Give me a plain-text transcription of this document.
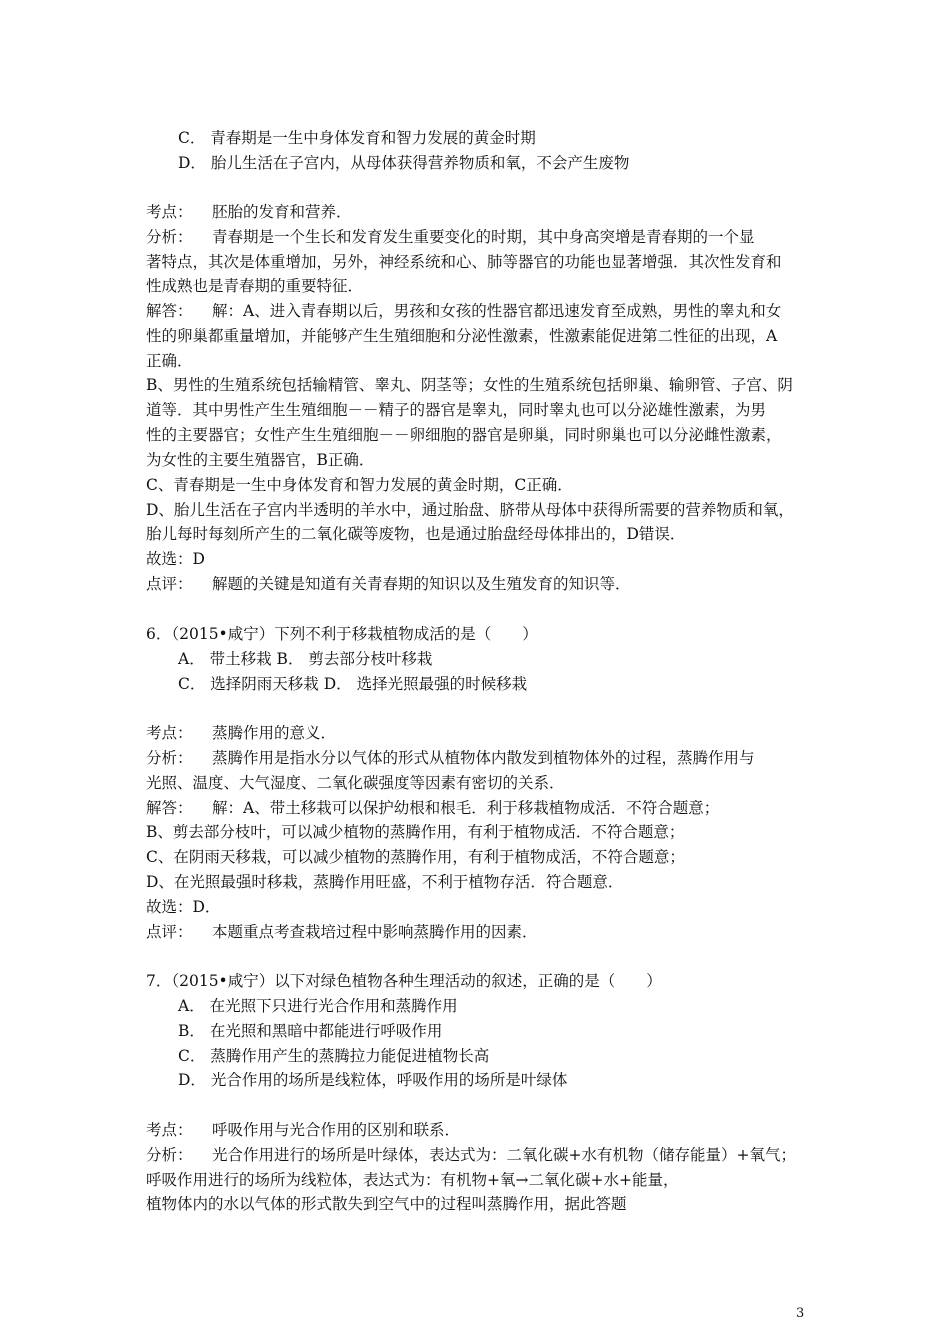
C． 青春期是一生中身体发育和智力发展的黄金时期
D． 胎儿生活在子宫内，从母体获得营养物质和氧，不会产生废物
考点： 胚胎的发育和营养．
分析： 青春期是一个生长和发育发生重要变化的时期，其中身高突增是青春期的一个显
著特点，其次是体重增加，另外，神经系统和心、肺等器官的功能也显著增强．其次性发育和
性成熟也是青春期的重要特征．
解答： 解：A、进入青春期以后，男孩和女孩的性器官都迅速发育至成熟，男性的睾丸和女
性的卵巢都重量增加，并能够产生生殖细胞和分泌性激素，性激素能促进第二性征的出现，A
正确．
B、男性的生殖系统包括输精管、睾丸、阴茎等；女性的生殖系统包括卵巢、输卵管、子宫、阴
道等．其中男性产生生殖细胞－－精子的器官是睾丸，同时睾丸也可以分泌雄性激素，为男
性的主要器官；女性产生生殖细胞－－卵细胞的器官是卵巢，同时卵巢也可以分泌雌性激素，
为女性的主要生殖器官，B正确．
C、青春期是一生中身体发育和智力发展的黄金时期，C正确．
D、胎儿生活在子宫内半透明的羊水中，通过胎盘、脐带从母体中获得所需要的营养物质和氧，
胎儿每时每刻所产生的二氧化碳等废物，也是通过胎盘经母体排出的，D错误．
故选：D
点评： 解题的关键是知道有关青春期的知识以及生殖发育的知识等．
6．（2015•咸宁）下列不利于移栽植物成活的是（　　）
A． 带土移栽 B． 剪去部分枝叶移栽
C． 选择阴雨天移栽 D． 选择光照最强的时候移栽
考点： 蒸腾作用的意义．
分析： 蒸腾作用是指水分以气体的形式从植物体内散发到植物体外的过程，蒸腾作用与
光照、温度、大气湿度、二氧化碳强度等因素有密切的关系．
解答： 解：A、带土移栽可以保护幼根和根毛．利于移栽植物成活．不符合题意；
B、剪去部分枝叶，可以减少植物的蒸腾作用，有利于植物成活．不符合题意；
C、在阴雨天移栽，可以减少植物的蒸腾作用，有利于植物成活，不符合题意；
D、在光照最强时移栽，蒸腾作用旺盛，不利于植物存活．符合题意．
故选：D．
点评： 本题重点考查栽培过程中影响蒸腾作用的因素．
7．（2015•咸宁）以下对绿色植物各种生理活动的叙述，正确的是（　　）
A． 在光照下只进行光合作用和蒸腾作用
B． 在光照和黑暗中都能进行呼吸作用
C． 蒸腾作用产生的蒸腾拉力能促进植物长高
D． 光合作用的场所是线粒体，呼吸作用的场所是叶绿体
考点： 呼吸作用与光合作用的区别和联系．
分析： 光合作用进行的场所是叶绿体，表达式为：二氧化碳+水有机物（储存能量）+氧气；
呼吸作用进行的场所为线粒体，表达式为：有机物+氧→二氧化碳+水+能量，
植物体内的水以气体的形式散失到空气中的过程叫蒸腾作用，据此答题
3
